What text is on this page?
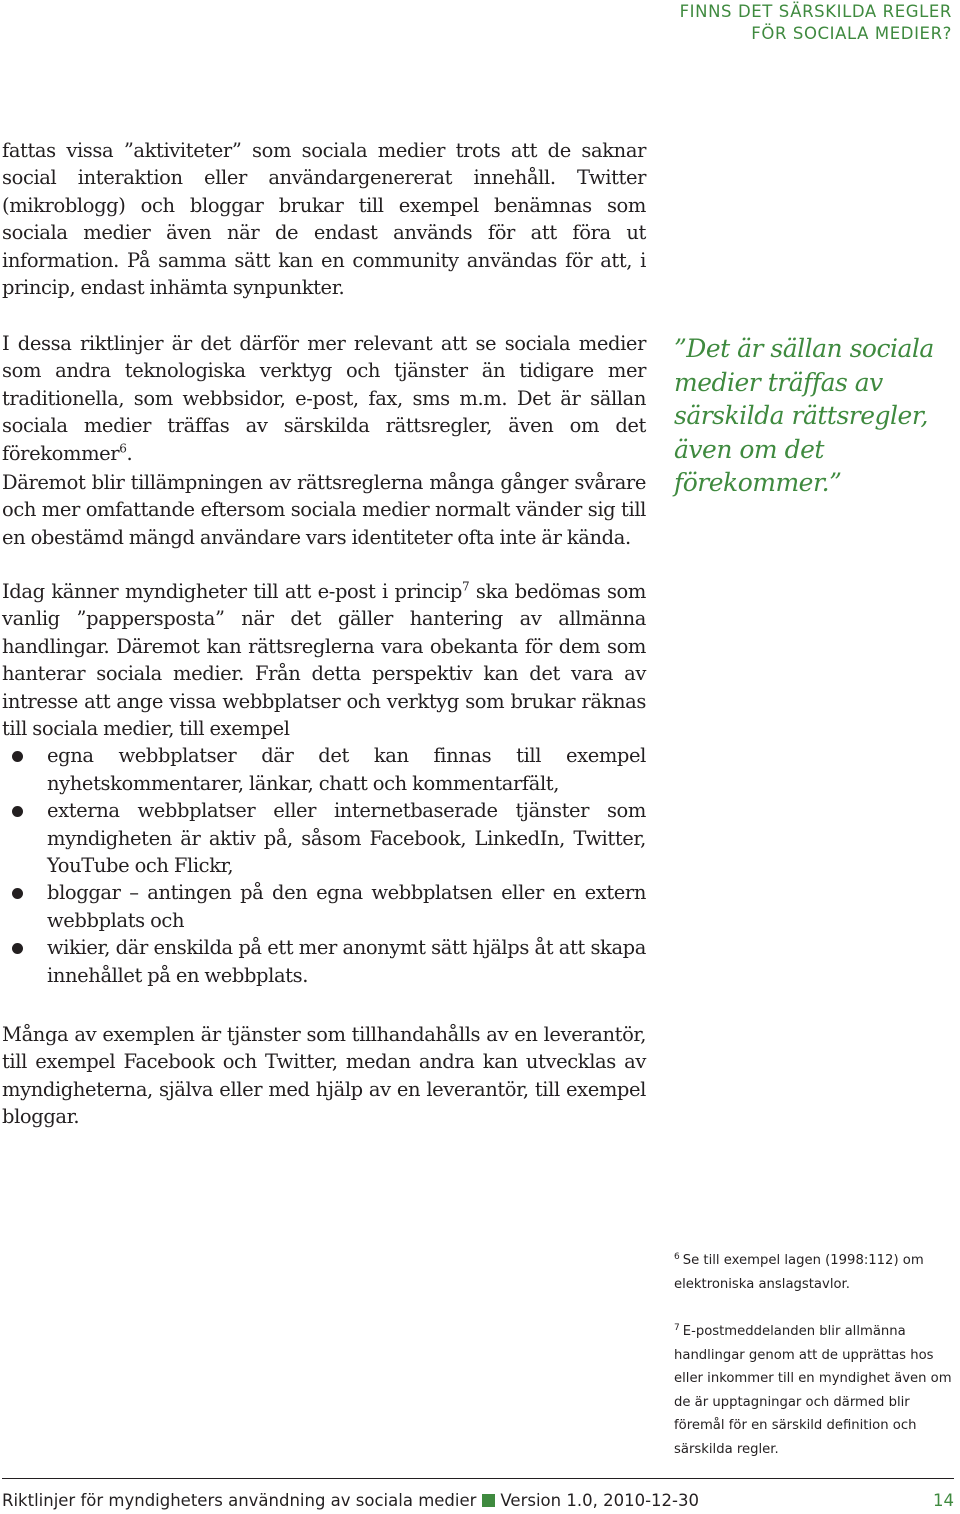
FINNS DET SÄRSKILDA REGLER
FÖR SOCIALA MEDIER?

fattas vissa ”aktiviteter” som sociala medier trots att de saknar social interaktion eller användargenererat innehåll. Twitter (mikroblogg) och bloggar brukar till exempel benämnas som sociala medier även när de endast används för att föra ut information. På samma sätt kan en community användas för att, i princip, endast inhämta synpunkter.

I dessa riktlinjer är det därför mer relevant att se sociala medier som andra teknologiska verktyg och tjänster än tidigare mer traditionella, som webbsidor, e-post, fax, sms m.m. Det är sällan sociala medier träffas av särskilda rättsregler, även om det förekommer$^6$.

Däremot blir tillämpningen av rättsreglerna många gånger svårare och mer omfattande eftersom sociala medier normalt vänder sig till en obestämd mängd användare vars identiteter ofta inte är kända.

Idag känner myndigheter till att e-post i princip$^7$ ska bedömas som vanlig ”pappersposta” när det gäller hantering av allmänna handlingar. Däremot kan rättsreglerna vara obekanta för dem som hanterar sociala medier. Från detta perspektiv kan det vara av intresse att ange vissa webbplatser och verktyg som brukar räknas till sociala medier, till exempel

egna webbplatser där det kan finnas till exempel nyhetskommentarer, länkar, chatt och kommentarfält,
externa webbplatser eller internetbaserade tjänster som myndigheten är aktiv på, såsom Facebook, LinkedIn, Twitter, YouTube och Flickr,
bloggar – antingen på den egna webbplatsen eller en extern webbplats och
wikier, där enskilda på ett mer anonymt sätt hjälps åt att skapa innehållet på en webbplats.

Många av exemplen är tjänster som tillhandahålls av en leverantör, till exempel Facebook och Twitter, medan andra kan utvecklas av myndigheterna, själva eller med hjälp av en leverantör, till exempel bloggar.

”Det är sällan sociala medier träffas av särskilda rättsregler, även om det förekommer.”
$^6$ Se till exempel lagen (1998:112) om elektroniska anslagstavlor.
$^7$ E-postmeddelanden blir allmänna handlingar genom att de upprättas hos eller inkommer till en myndighet även om de är upptagningar och därmed blir föremål för en särskild definition och särskilda regler.
Riktlinjer för myndigheters användning av sociala medier Version 1.0, 2010-12-30	14
